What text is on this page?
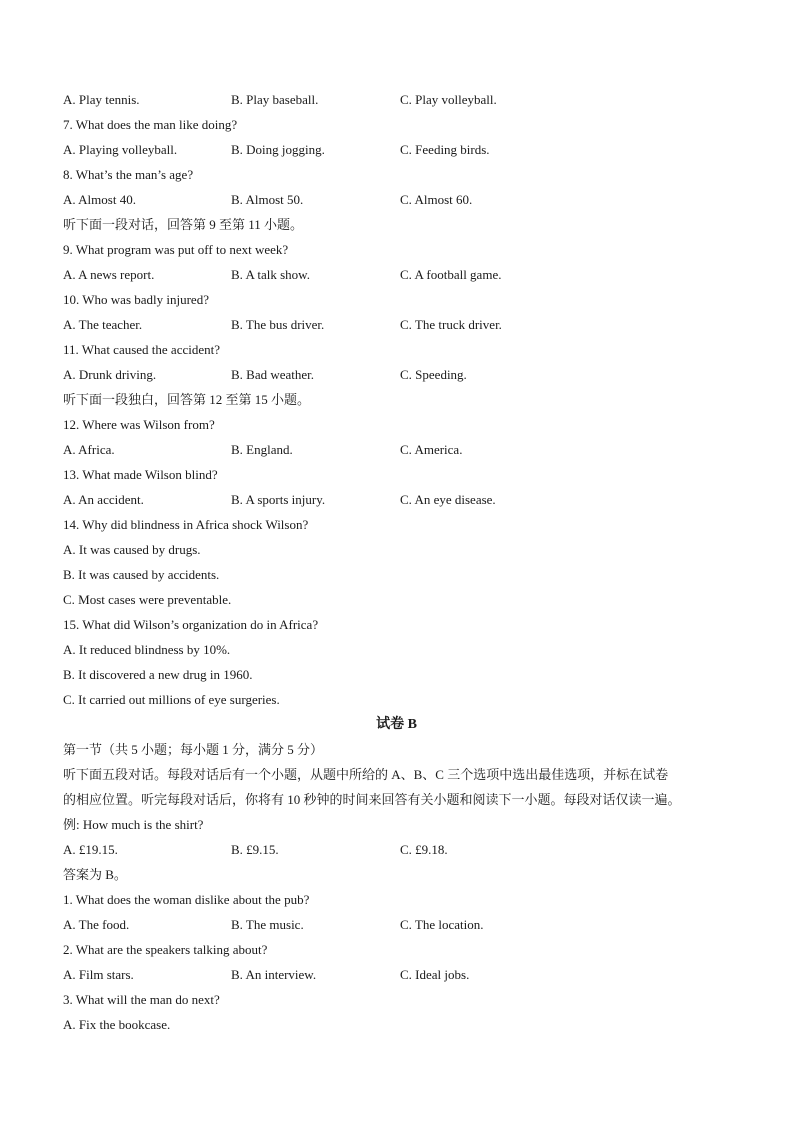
A. Play tennis.	B. Play baseball.	C. Play volleyball.
7. What does the man like doing?
A. Playing volleyball.	B. Doing jogging.	C. Feeding birds.
8. What’s the man’s age?
A. Almost 40.	B. Almost 50.	C. Almost 60.
听下面一段对话，回答第 9 至第 11 小题。
9. What program was put off to next week?
A. A news report.	B. A talk show.	C. A football game.
10. Who was badly injured?
A. The teacher.	B. The bus driver.	C. The truck driver.
11. What caused the accident?
A. Drunk driving.	B. Bad weather.	C. Speeding.
听下面一段独白，回答第 12 至第 15 小题。
12. Where was Wilson from?
A. Africa.	B. England.	C. America.
13. What made Wilson blind?
A. An accident.	B. A sports injury.	C. An eye disease.
14. Why did blindness in Africa shock Wilson?
A. It was caused by drugs.
B. It was caused by accidents.
C. Most cases were preventable.
15. What did Wilson’s organization do in Africa?
A. It reduced blindness by 10%.
B. It discovered a new drug in 1960.
C. It carried out millions of eye surgeries.
试卷 B
第一节（共 5 小题；每小题 1 分，满分 5 分）
听下面五段对话。每段对话后有一个小题，从题中所给的 A、B、C 三个选项中选出最佳选项，并标在试卷
的相应位置。听完每段对话后，你将有 10 秒钟的时间来回答有关小题和阅读下一小题。每段对话仅读一遍。
例: How much is the shirt?
A. £19.15.	B. £9.15.	C. £9.18.
答案为 B。
1. What does the woman dislike about the pub?
A. The food.	B. The music.	C. The location.
2. What are the speakers talking about?
A. Film stars.	B. An interview.	C. Ideal jobs.
3. What will the man do next?
A. Fix the bookcase.
